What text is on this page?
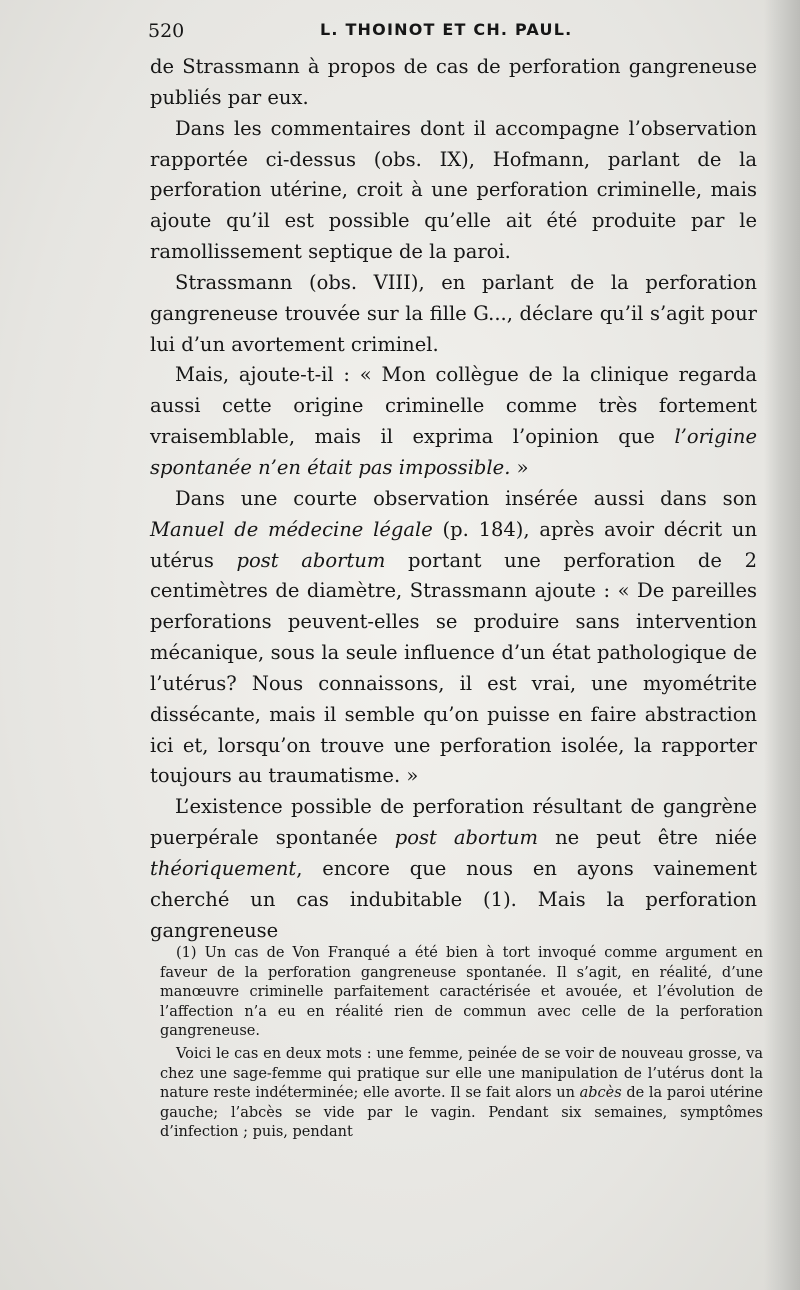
520	L. THOINOT ET CH. PAUL.

de Strassmann à propos de cas de perforation gangreneuse publiés par eux.

Dans les commentaires dont il accompagne l’observation rapportée ci-dessus (obs. IX), Hofmann, parlant de la perforation utérine, croit à une perforation criminelle, mais ajoute qu’il est possible qu’elle ait été produite par le ramollissement septique de la paroi.

Strassmann (obs. VIII), en parlant de la perforation gangreneuse trouvée sur la fille G..., déclare qu’il s’agit pour lui d’un avortement criminel.

Mais, ajoute-t-il : « Mon collègue de la clinique regarda aussi cette origine criminelle comme très fortement vraisemblable, mais il exprima l’opinion que l’origine spontanée n’en était pas impossible. »

Dans une courte observation insérée aussi dans son Manuel de médecine légale (p. 184), après avoir décrit un utérus post abortum portant une perforation de 2 centimètres de diamètre, Strassmann ajoute : « De pareilles perforations peuvent-elles se produire sans intervention mécanique, sous la seule influence d’un état pathologique de l’utérus? Nous connaissons, il est vrai, une myométrite dissécante, mais il semble qu’on puisse en faire abstraction ici et, lorsqu’on trouve une perforation isolée, la rapporter toujours au traumatisme. »

L’existence possible de perforation résultant de gangrène puerpérale spontanée post abortum ne peut être niée théoriquement, encore que nous en ayons vainement cherché un cas indubitable (1). Mais la perforation gangreneuse

(1) Un cas de Von Franqué a été bien à tort invoqué comme argument en faveur de la perforation gangreneuse spontanée. Il s’agit, en réalité, d’une manœuvre criminelle parfaitement caractérisée et avouée, et l’évolution de l’affection n’a eu en réalité rien de commun avec celle de la perforation gangreneuse.

Voici le cas en deux mots : une femme, peinée de se voir de nouveau grosse, va chez une sage-femme qui pratique sur elle une manipulation de l’utérus dont la nature reste indéterminée; elle avorte. Il se fait alors un abcès de la paroi utérine gauche; l’abcès se vide par le vagin. Pendant six semaines, symptômes d’infection ; puis, pendant
